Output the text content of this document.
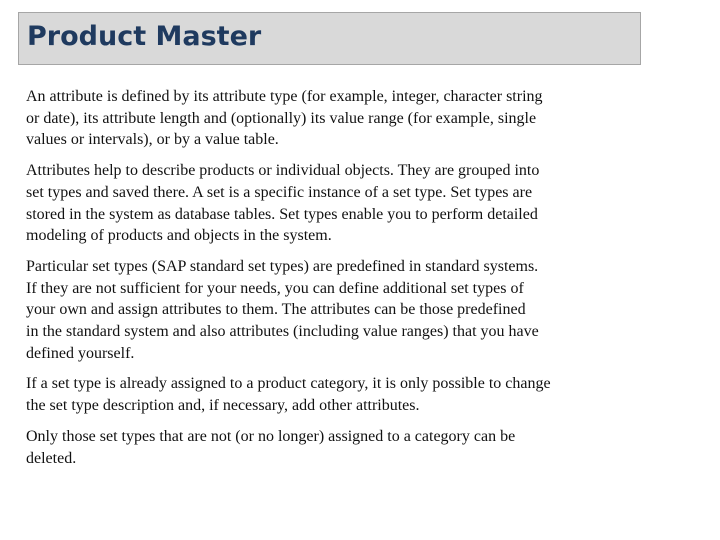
Product Master

An attribute is defined by its attribute type (for example, integer, character string
or date), its attribute length and (optionally) its value range (for example, single
values or intervals), or by a value table.

Attributes help to describe products or individual objects. They are grouped into
set types and saved there. A set is a specific instance of a set type. Set types are
stored in the system as database tables. Set types enable you to perform detailed
modeling of products and objects in the system.

Particular set types (SAP standard set types) are predefined in standard systems.
If they are not sufficient for your needs, you can define additional set types of
your own and assign attributes to them. The attributes can be those predefined
in the standard system and also attributes (including value ranges) that you have
defined yourself.

If a set type is already assigned to a product category, it is only possible to change
the set type description and, if necessary, add other attributes.

Only those set types that are not (or no longer) assigned to a category can be
deleted.
